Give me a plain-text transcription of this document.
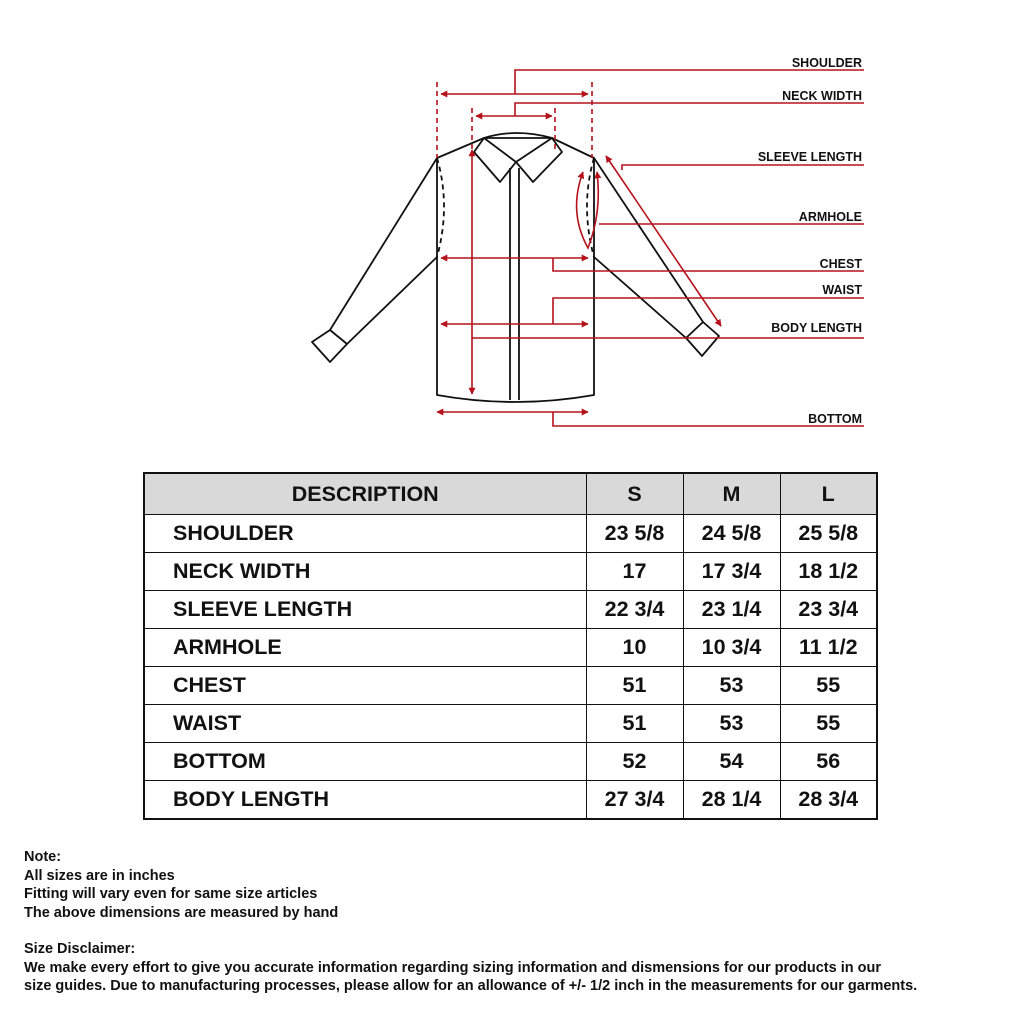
SHOULDER
NECK WIDTH
SLEEVE LENGTH
ARMHOLE
CHEST
WAIST
BODY LENGTH
BOTTOM
DESCRIPTION	S	M	L
SHOULDER	23 5/8	24 5/8	25 5/8
NECK WIDTH	17	17 3/4	18 1/2
SLEEVE LENGTH	22 3/4	23 1/4	23 3/4
ARMHOLE	10	10 3/4	11 1/2
CHEST	51	53	55
WAIST	51	53	55
BOTTOM	52	54	56
BODY LENGTH	27 3/4	28 1/4	28 3/4
Note:
All sizes are in inches
Fitting will vary even for same size articles
The above dimensions are measured by hand
Size Disclaimer:
We make every effort to give you accurate information regarding sizing information and dismensions for our products in our
size guides. Due to manufacturing processes, please allow for an allowance of +/- 1/2 inch in the measurements for our garments.
